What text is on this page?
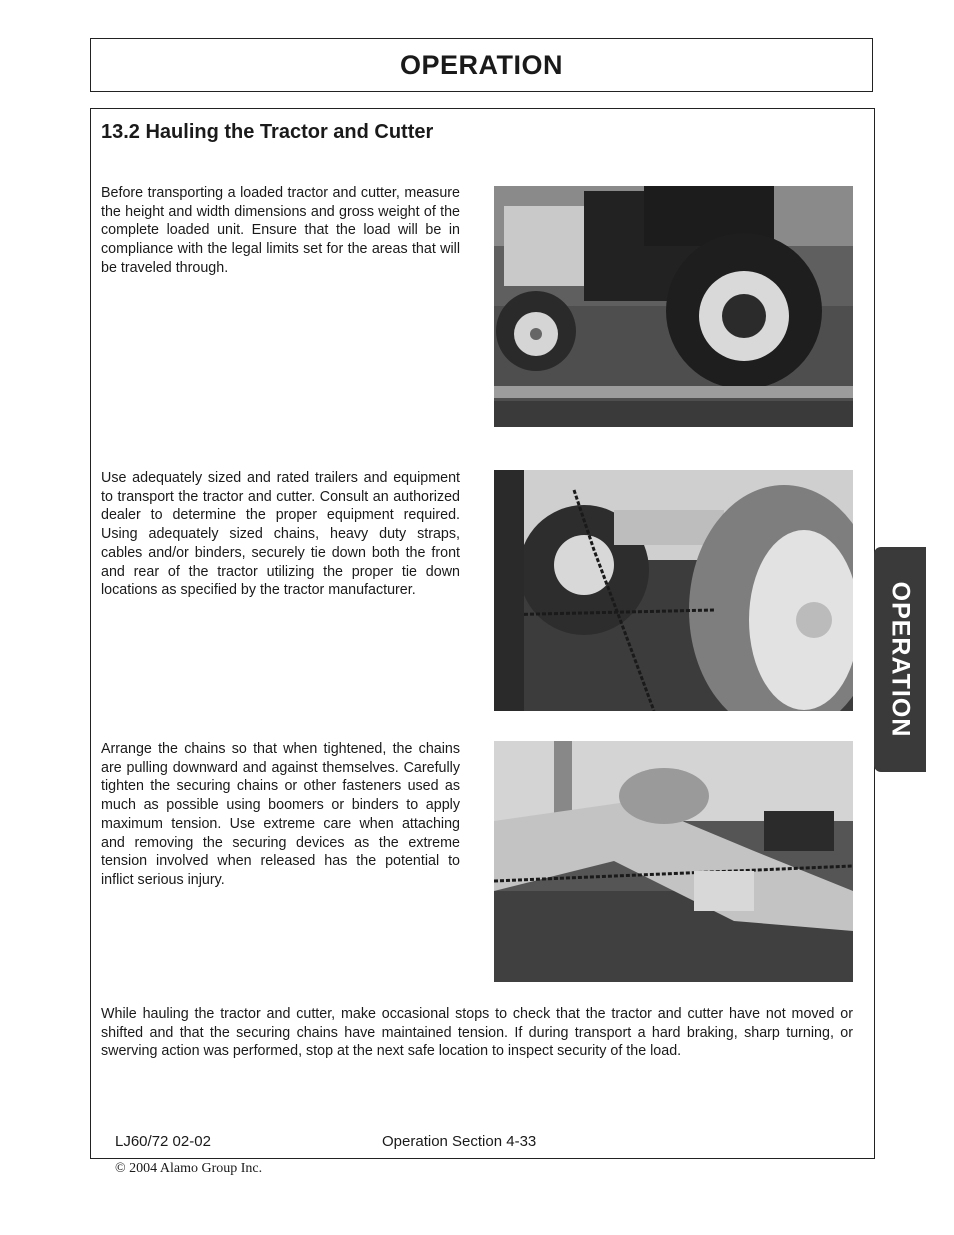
OPERATION
13.2 Hauling the Tractor and Cutter
Before transporting a loaded tractor and cutter, measure the height and width dimensions and gross weight of the complete loaded unit. Ensure that the load will be in compliance with the legal limits set for the areas that will be traveled through.
Use adequately sized and rated trailers and equipment to transport the tractor and cutter. Consult an authorized dealer to determine the proper equipment required. Using adequately sized chains, heavy duty straps, cables and/or binders, securely tie down both the front and rear of the tractor utilizing the proper tie down locations as specified by the tractor manufacturer.
Arrange the chains so that when tightened, the chains are pulling downward and against themselves. Carefully tighten the securing chains or other fasteners used as much as possible using boomers or binders to apply maximum tension. Use extreme care when attaching and removing the securing devices as the extreme tension involved when released has the potential to inflict serious injury.
While hauling the tractor and cutter, make occasional stops to check that the tractor and cutter have not moved or shifted and that the securing chains have maintained tension. If during transport a hard braking, sharp turning, or swerving action was performed, stop at the next safe location to inspect security of the load.
OPERATION
LJ60/72 02-02	Operation Section 4-33
© 2004 Alamo Group Inc.
